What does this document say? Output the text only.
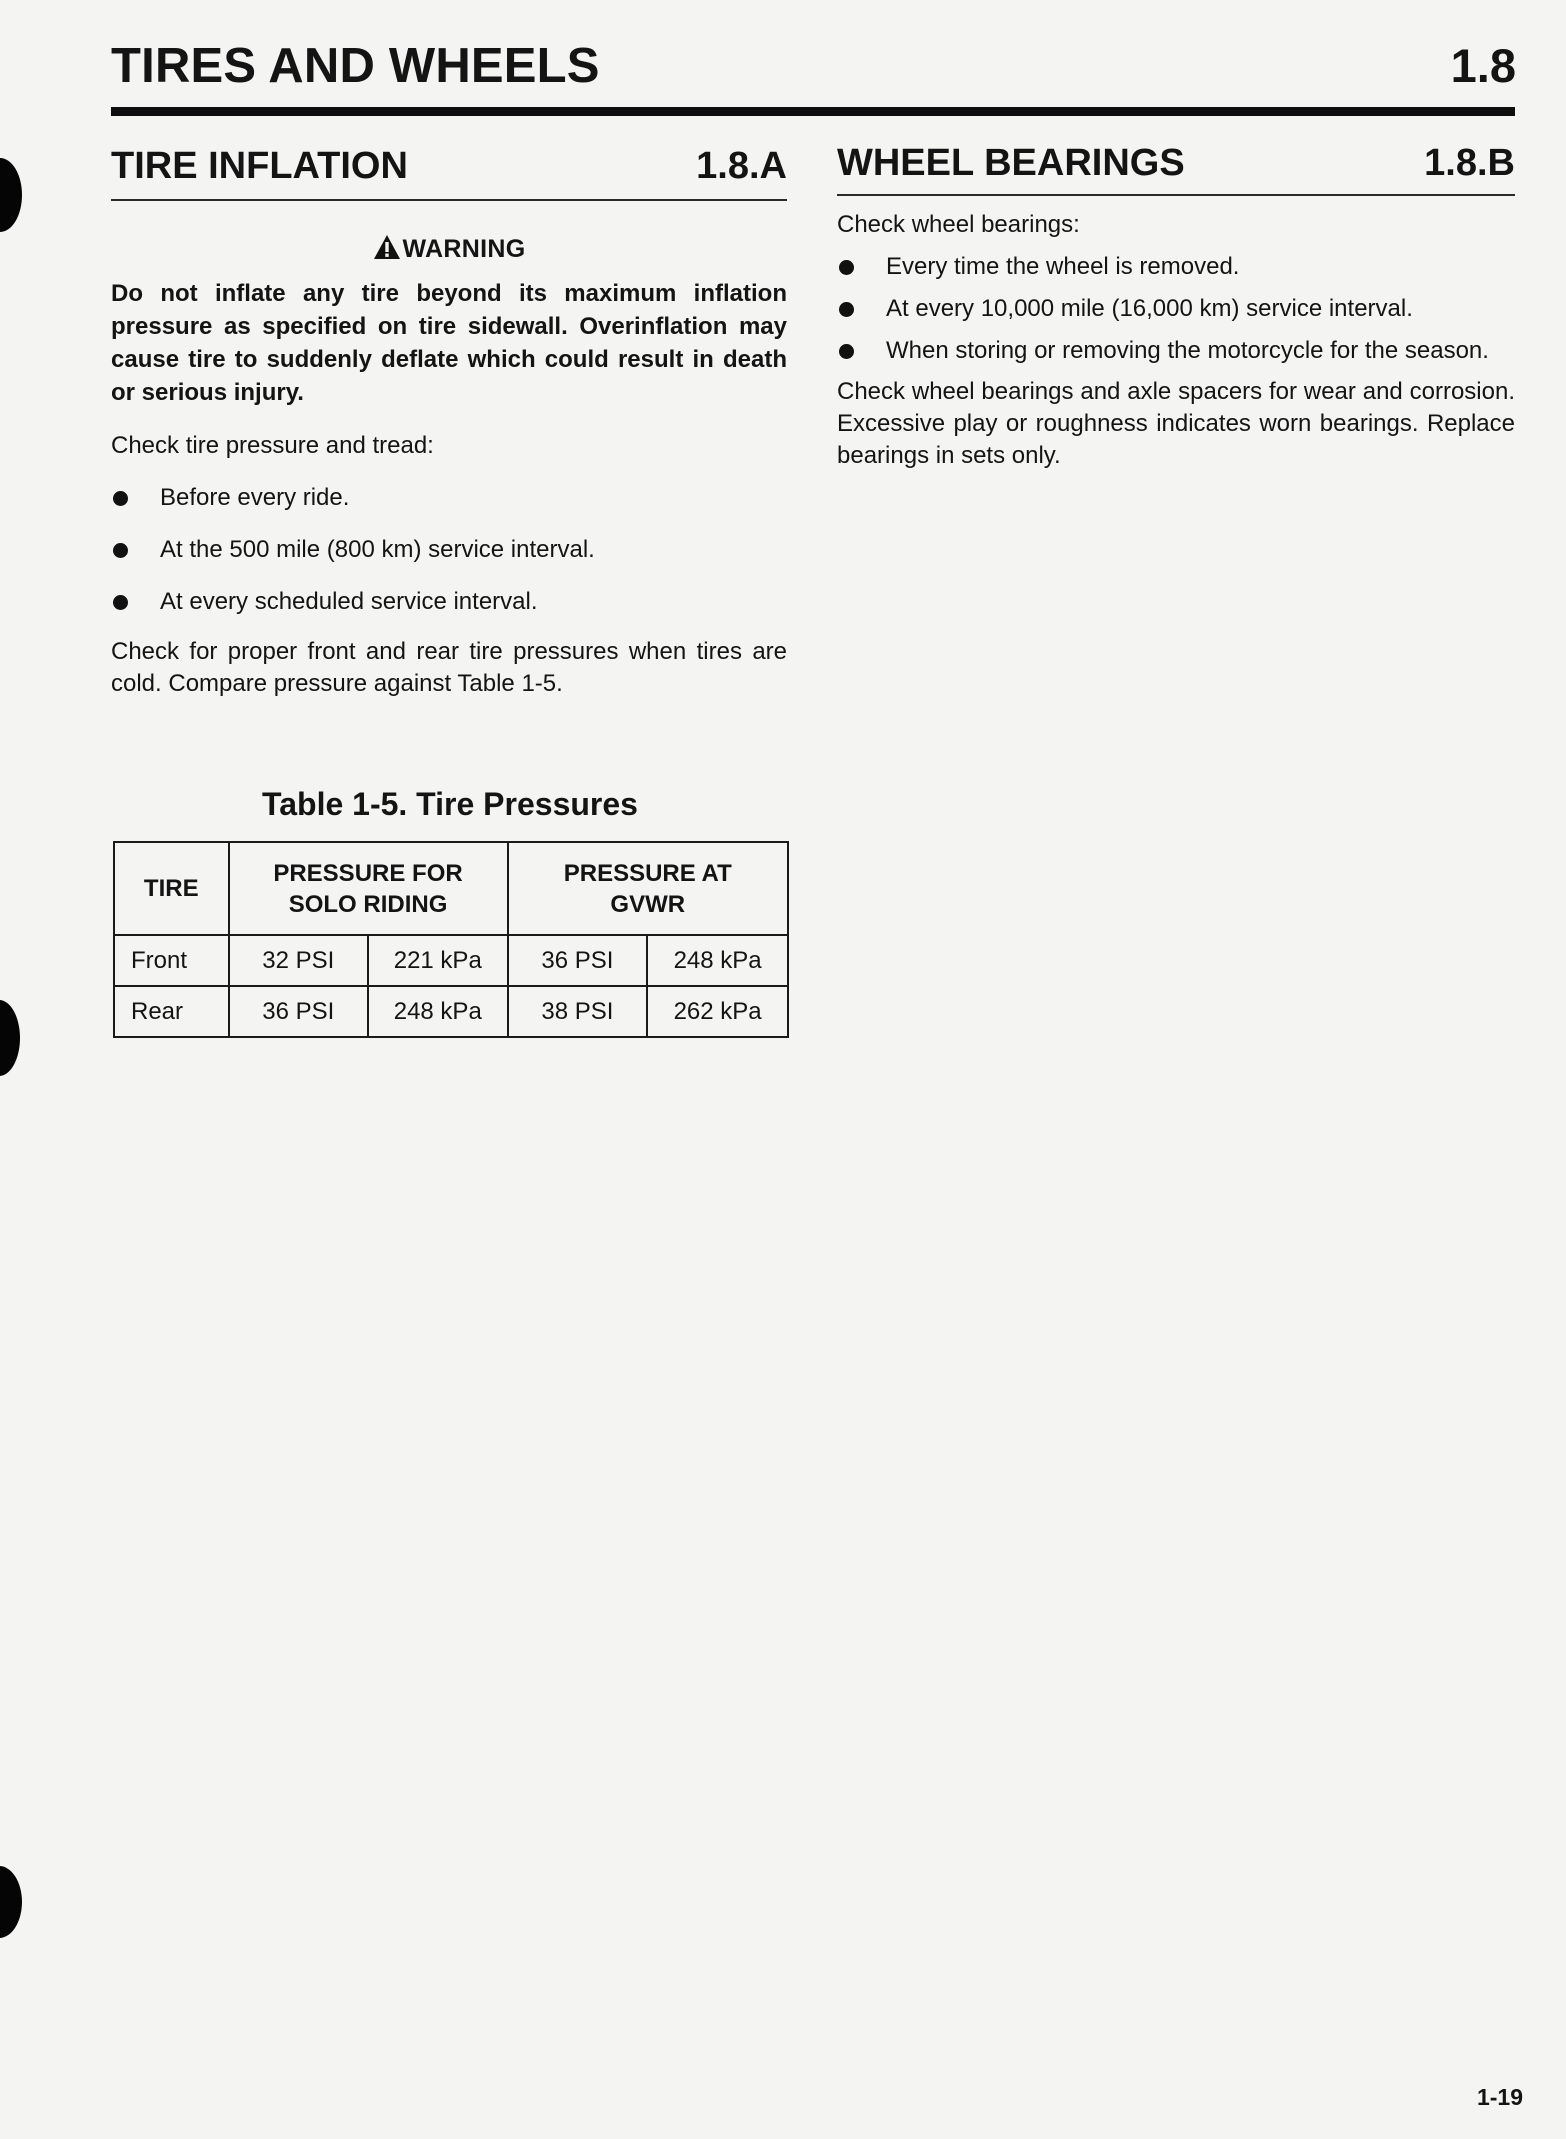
TIRES AND WHEELS	1.8
TIRE INFLATION	1.8.A
WARNING
Do not inflate any tire beyond its maximum inflation pressure as specified on tire sidewall. Overinflation may cause tire to suddenly deflate which could result in death or serious injury.
Check tire pressure and tread:
Before every ride.
At the 500 mile (800 km) service interval.
At every scheduled service interval.
Check for proper front and rear tire pressures when tires are cold. Compare pressure against Table 1-5.
WHEEL BEARINGS	1.8.B
Check wheel bearings:
Every time the wheel is removed.
At every 10,000 mile (16,000 km) service interval.
When storing or removing the motorcycle for the season.
Check wheel bearings and axle spacers for wear and corrosion. Excessive play or roughness indicates worn bearings. Replace bearings in sets only.
Table 1-5. Tire Pressures
TIRE	PRESSURE FOR SOLO RIDING		PRESSURE AT GVWR	
Front	32 PSI	221 kPa	36 PSI	248 kPa
Rear	36 PSI	248 kPa	38 PSI	262 kPa
1-19
